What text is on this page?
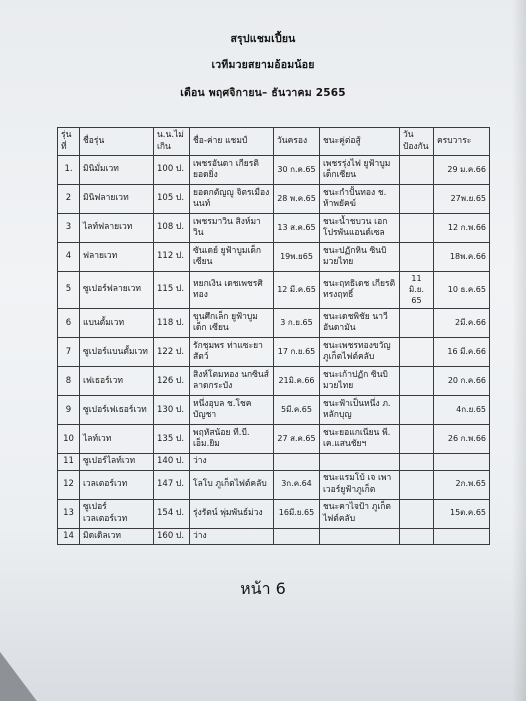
สรุปแชมเปี้ยน
เวทีมวยสยามอ้อมน้อย
เดือน พฤศจิกายน– ธันวาคม 2565
รุ่น ที่	ชื่อรุ่น	น.น.ไม่ เกิน	ชื่อ-ค่าย แชมป์	วันครอง	ชนะคู่ต่อสู้	วัน ป้องกัน	ครบวาระ
1.	มินิมั่มเวท	100 ป.	เพชรอันดา เกียรติ ยอดยิ่ง	30 ก.ค.65	เพชรรุ่งไฟ ยูฟ้าบูม เด็กเซียน		29 ม.ค.66
2	มินิฟลายเวท	105 ป.	ยอดกตัญญู จิตรเมือง นนท์	28 พ.ค.65	ชนะกำปั้นทอง ช. ห้าพยัคฆ์		27พ.ย.65
3	ไลท์ฟลายเวท	108 ป.	เพชรมาวิน สิงห์มาวิน	13 ส.ค.65	ชนะน้ำชบวน เอก โปรพันแอนด์เซล		12 ก.พ.66
4	ฟลายเวท	112 ป.	ซันเดย์ ยูฟ้าบูมเด็ก เซียน	19พ.ย65	ชนะปฏักหิน ซินบิ มวยไทย		18พ.ค.66
5	ซูเปอร์ฟลายเวท	115 ป.	หยกเงิน เดชเพชรศิ ทอง	12 มี.ค.65	ชนะฤทธิเดช เกียรติทรงฤทธิ์	11 มิ.ย. 65	10 ธ.ค.65
6	แบนตั้มเวท	118 ป.	ขุนศึกเล็ก ยูฟ้าบูมเด็ก เซียน	3 ก.ย.65	ชนะเดชพิชัย นาวี อันดามัน		2มี.ค.66
7	ซูเปอร์แบนตั้มเวท	122 ป.	รักชุมพร ท่าแซะยา สัตว์	17 ก.ย.65	ชนะเพชรทองขวัญ ภูเก็ตไฟต์คลับ		16 มี.ค.66
8	เฟเธอร์เวท	126 ป.	สิงห์โตมหอง นกซินส์ ลาดกระบัง	21มิ.ค.66	ชนะเก้าปฏัก ซินบิ มวยไทย		20 ก.ค.66
9	ซูเปอร์เฟเธอร์เวท	130 ป.	หนึ่งอุบล ช.โชคบัญชา	5มี.ค.65	ชนะฟ้าเป็นหนึ่ง ภ. หลักบุญ		4ก.ย.65
10	ไลท์เวท	135 ป.	พฤหัสน้อย ที.บี. เอ็ม.ยิม	27 ส.ค.65	ชนะยอแกเนียน พี. เค.แสนชัยฯ		26 ก.พ.66
11	ซูเปอร์ไลท์เวท	140 ป.	ว่าง				
12	เวลเตอร์เวท	147 ป.	โลโบ ภูเก็ตไฟต์คลับ	3ก.ค.64	ชนะแรมโบ้ เจ เพาเวอร์ยูฟ้าภูเก็ต		2ก.พ.65
13	ซูเปอร์เวลเตอร์เวท	154 ป.	รุ่งรัตน์ พุ่มพันธ์ม่วง	16มี.ย.65	ชนะคาไจป้า ภูเก็ต ไฟต์คลับ		15ต.ค.65
14	มิดเดิลเวท	160 ป.	ว่าง				
หน้า 6
